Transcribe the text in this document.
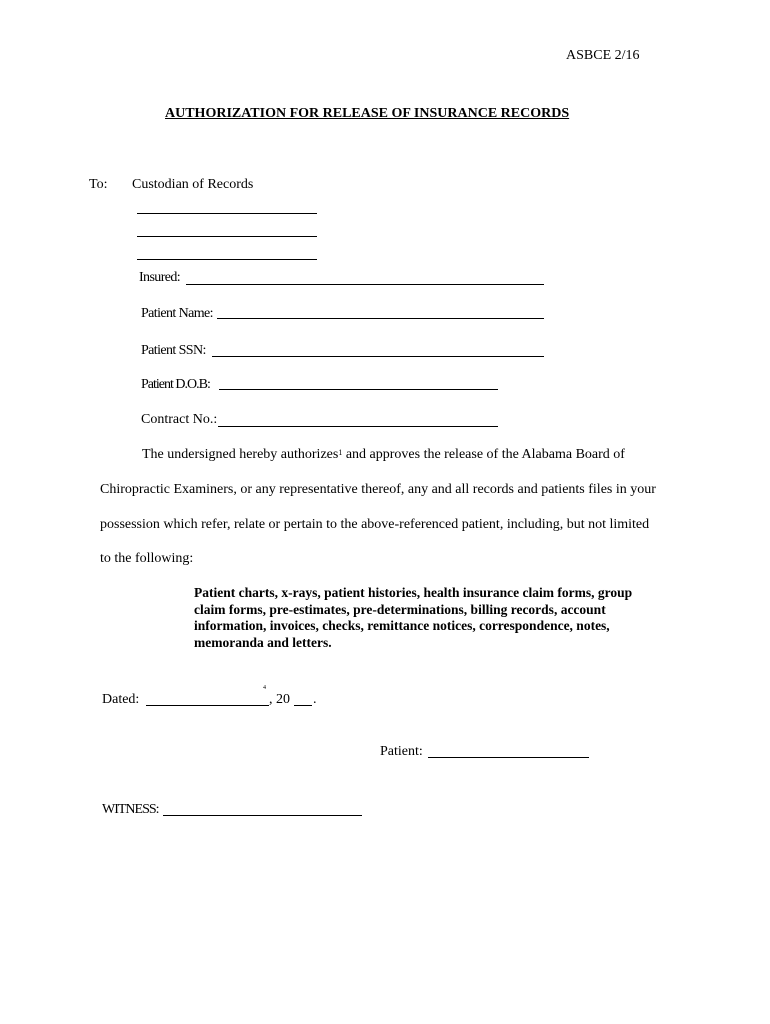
ASBCE 2/16
AUTHORIZATION FOR RELEASE OF INSURANCE RECORDS
To: Custodian of Records
Insured:
Patient Name:
Patient SSN:
Patient D.O.B:
Contract No.:
The undersigned hereby authorizes$^1$ and approves the release of the Alabama Board of
Chiropractic Examiners, or any representative thereof, any and all records and patients files in your
possession which refer, relate or pertain to the above-referenced patient, including, but not limited
to the following:
Patient charts, x-rays, patient histories, health insurance claim forms, group claim forms, pre-estimates, pre-determinations, billing records, account information, invoices, checks, remittance notices, correspondence, notes, memoranda and letters.
Dated:
4
, 20 .
Patient:
WITNESS:
